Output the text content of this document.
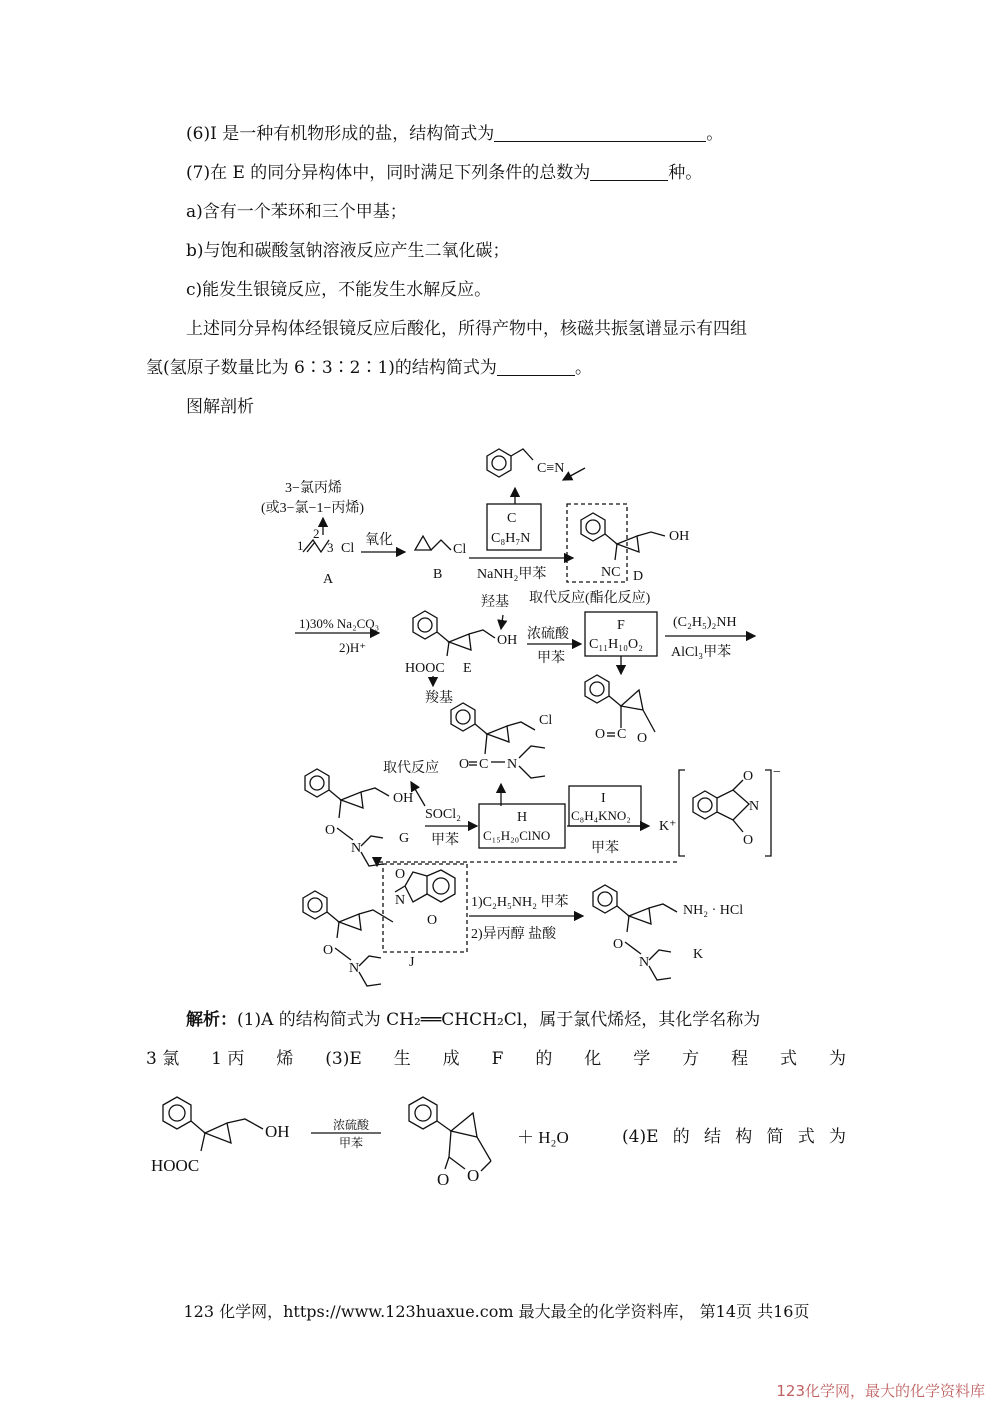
(6)I 是一种有机物形成的盐，结构简式为	。
(7)在 E 的同分异构体中，同时满足下列条件的总数为	种。
a)含有一个苯环和三个甲基；
b)与饱和碳酸氢钠溶液反应产生二氧化碳；
c)能发生银镜反应，不能发生水解反应。
上述同分异构体经银镜反应后酸化，所得产物中，核磁共振氢谱显示有四组
氢(氢原子数量比为 6∶3∶2∶1)的结构简式为	。
图解剖析
3−氯丙烯
(或3−氯−1−丙烯)
1
2
3 Cl
A
氧化
Cl
B
C
C₈H₇N
NaNH₂甲苯
C≡N
OH
NC D
1)30% Na₂CO₃
2)H⁺	OH
HOOC E
羟基
羧基
取代反应(酯化反应)
浓硫酸
甲苯
F
C₁₁H₁₀O₂
(C₂H₅)₂NH
AlCl₃甲苯
O C O
Cl
O C N
取代反应
OH
O
N
G
SOCl₂
甲苯
H
C₁₅H₂₀ClNO
I
C₈H₄KNO₂
甲苯
K⁺
O
O
N
−
O
O
N
O
N	J
1)C₂H₅NH₂ 甲苯
2)异丙醇 盐酸
NH₂ · HCl
O
N
K
解析：(1)A 的结构简式为 CH₂══CHCH₂Cl，属于氯代烯烃，其化学名称为
3 氯 1 丙 烯 (3)E 生 成 F 的 化 学 方 程 式 为
OH
HOOC
浓硫酸
甲苯
O O
＋ H₂O	(4)E 的 结 构 简 式 为
123 化学网，https://www.123huaxue.com 最大最全的化学资料库， 第14页 共16页
123化学网，最大的化学资料库
